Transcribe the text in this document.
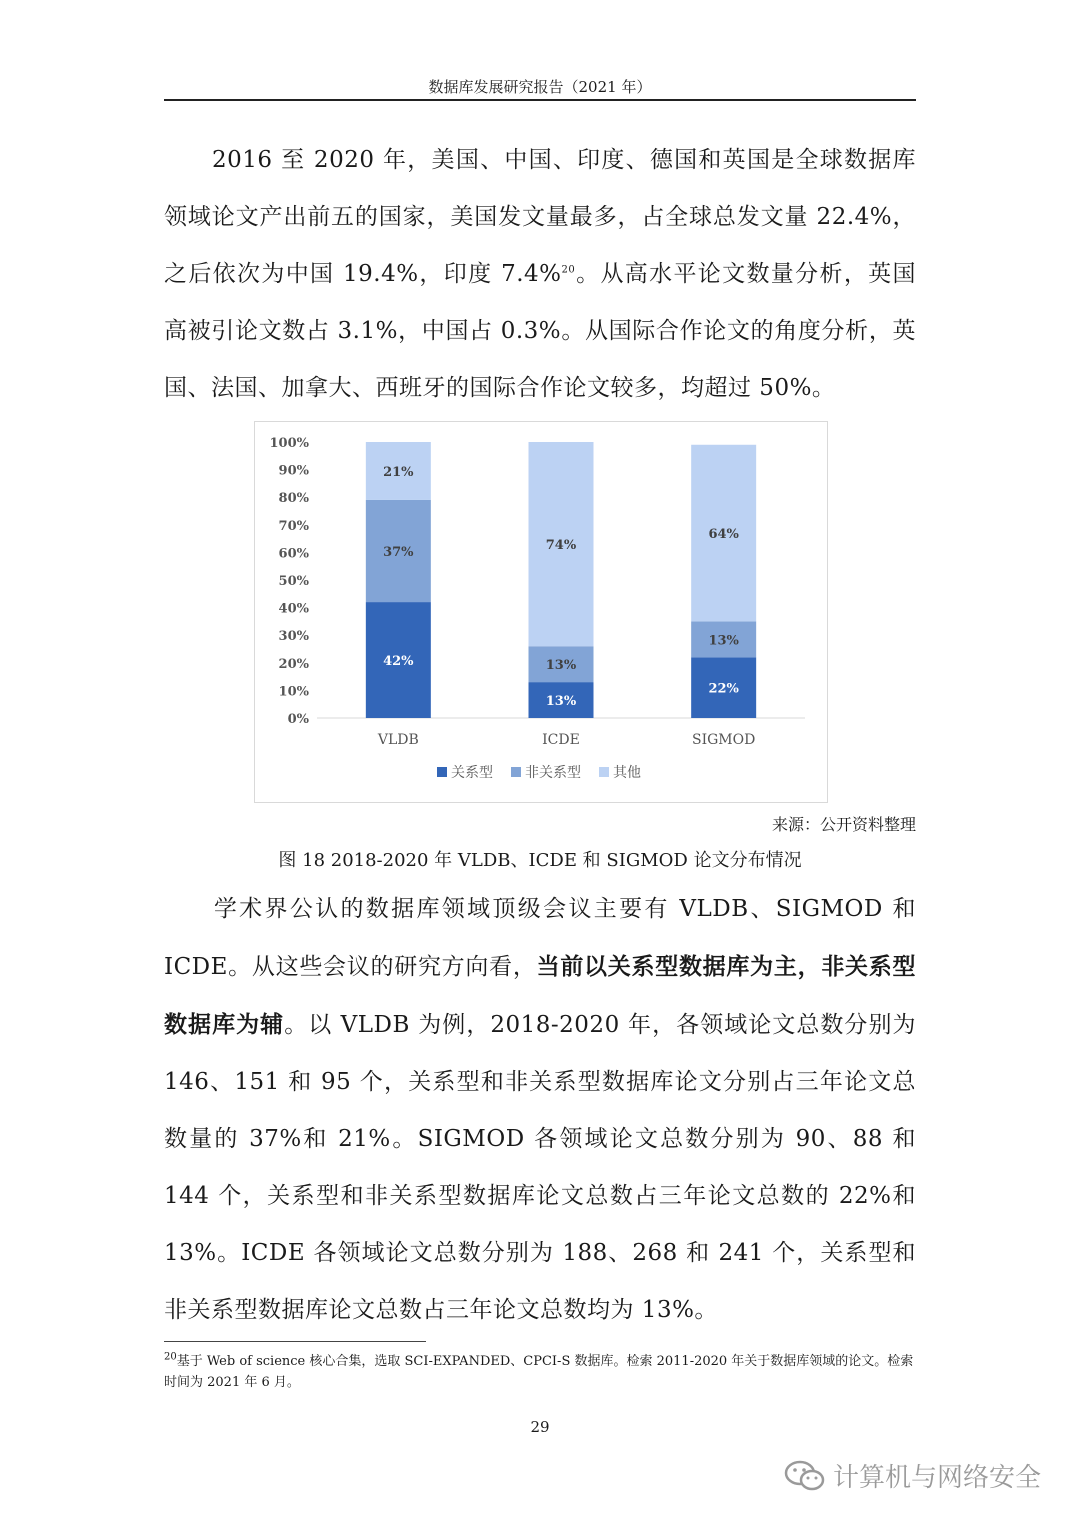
数据库发展研究报告（2021 年）

2016 至 2020 年，美国、中国、印度、德国和英国是全球数据库领域论文产出前五的国家，美国发文量最多，占全球总发文量 22.4%，之后依次为中国 19.4%，印度 7.4%$^{20}$。从高水平论文数量分析，英国高被引论文数占 3.1%，中国占 0.3%。从国际合作论文的角度分析，英国、法国、加拿大、西班牙的国际合作论文较多，均超过 50%。

0%
10%
20%
30%
40%
50%
60%
70%
80%
90%
100%
42%
37%
21%
VLDB
13%
13%
74%
ICDE
22%
13%
64%
SIGMOD
关系型 非关系型 其他
来源：公开资料整理
图 18 2018-2020 年 VLDB、ICDE 和 SIGMOD 论文分布情况

学术界公认的数据库领域顶级会议主要有 VLDB、SIGMOD 和 ICDE。从这些会议的研究方向看，当前以关系型数据库为主，非关系型数据库为辅。以 VLDB 为例，2018-2020 年，各领域论文总数分别为 146、151 和 95 个，关系型和非关系型数据库论文分别占三年论文总数量的 37%和 21%。SIGMOD 各领域论文总数分别为 90、88 和 144 个，关系型和非关系型数据库论文总数占三年论文总数的 22%和 13%。ICDE 各领域论文总数分别为 188、268 和 241 个，关系型和非关系型数据库论文总数占三年论文总数均为 13%。

$^{20}$基于 Web of science 核心合集，选取 SCI-EXPANDED、CPCI-S 数据库。检索 2011-2020 年关于数据库领域的论文。检索时间为 2021 年 6 月。
29
计算机与网络安全
